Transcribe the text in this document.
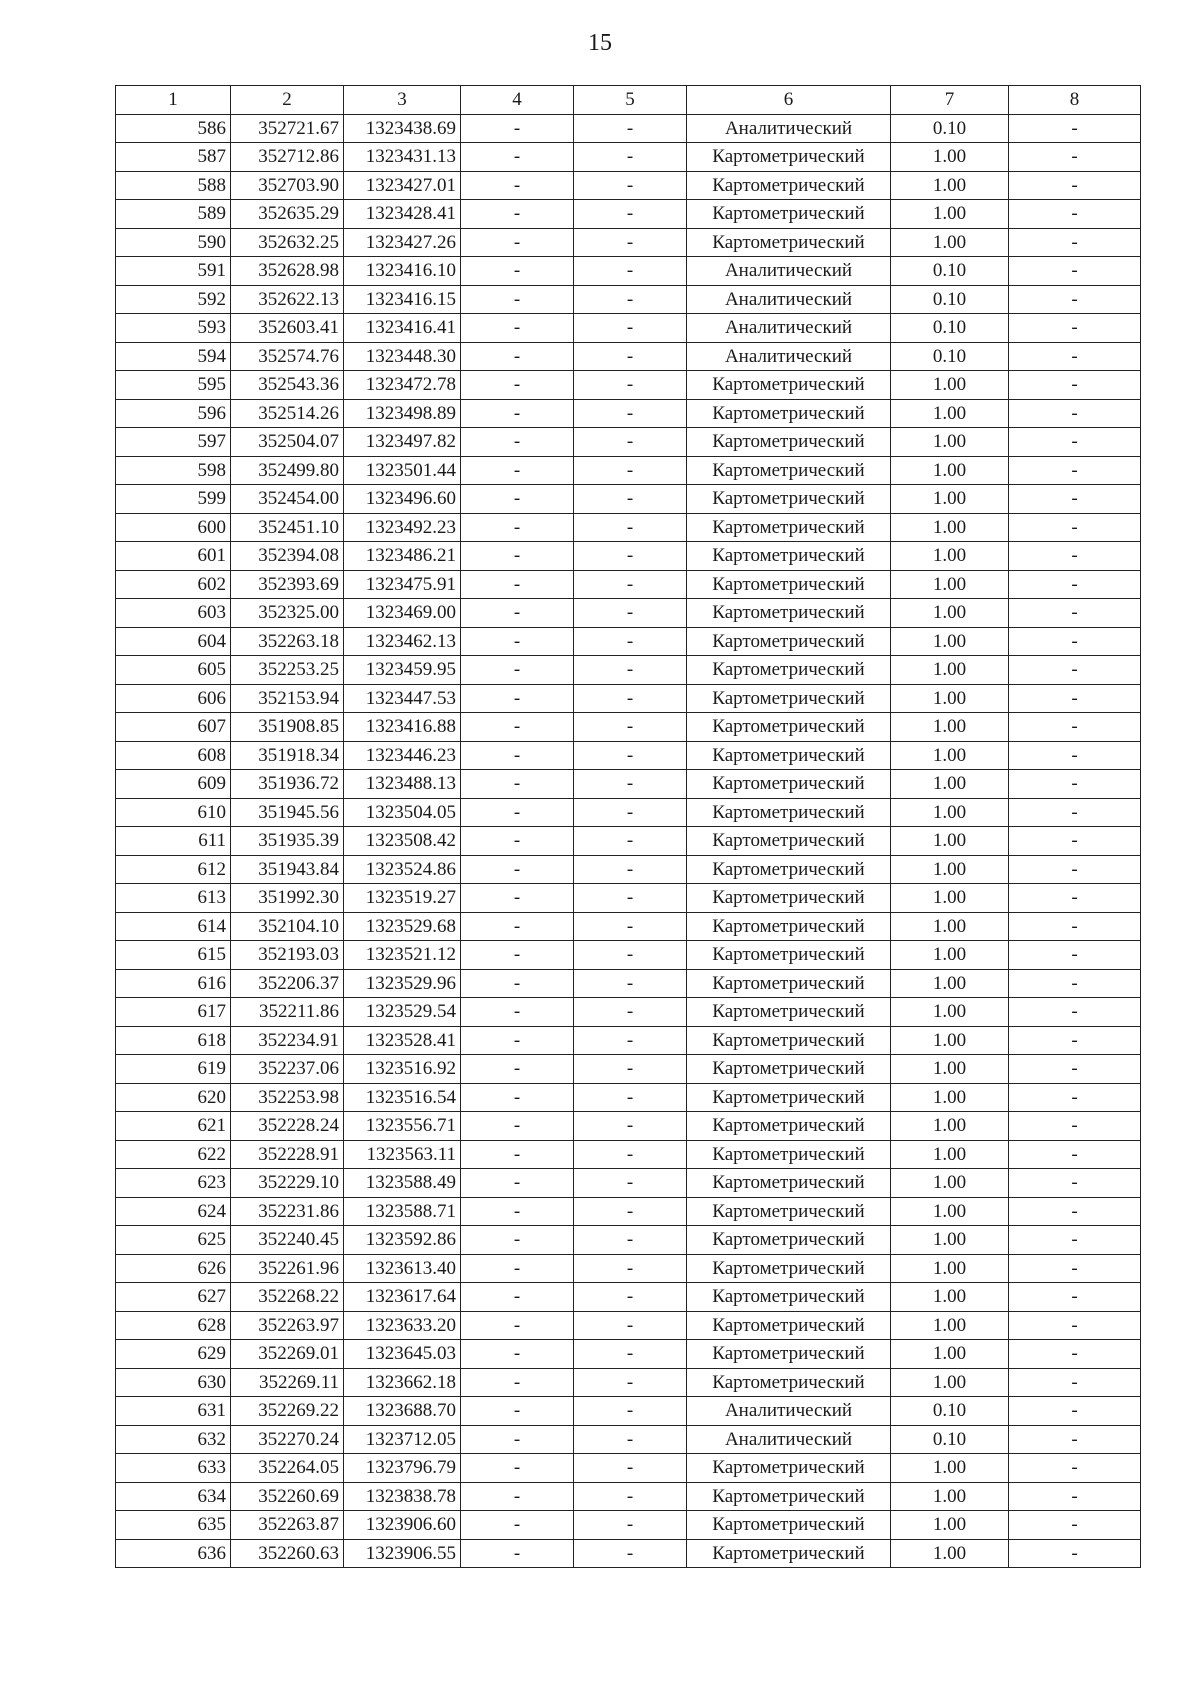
15
1	2	3	4	5	6	7	8
586	352721.67	1323438.69	-	-	Аналитический	0.10	-
587	352712.86	1323431.13	-	-	Картометрический	1.00	-
588	352703.90	1323427.01	-	-	Картометрический	1.00	-
589	352635.29	1323428.41	-	-	Картометрический	1.00	-
590	352632.25	1323427.26	-	-	Картометрический	1.00	-
591	352628.98	1323416.10	-	-	Аналитический	0.10	-
592	352622.13	1323416.15	-	-	Аналитический	0.10	-
593	352603.41	1323416.41	-	-	Аналитический	0.10	-
594	352574.76	1323448.30	-	-	Аналитический	0.10	-
595	352543.36	1323472.78	-	-	Картометрический	1.00	-
596	352514.26	1323498.89	-	-	Картометрический	1.00	-
597	352504.07	1323497.82	-	-	Картометрический	1.00	-
598	352499.80	1323501.44	-	-	Картометрический	1.00	-
599	352454.00	1323496.60	-	-	Картометрический	1.00	-
600	352451.10	1323492.23	-	-	Картометрический	1.00	-
601	352394.08	1323486.21	-	-	Картометрический	1.00	-
602	352393.69	1323475.91	-	-	Картометрический	1.00	-
603	352325.00	1323469.00	-	-	Картометрический	1.00	-
604	352263.18	1323462.13	-	-	Картометрический	1.00	-
605	352253.25	1323459.95	-	-	Картометрический	1.00	-
606	352153.94	1323447.53	-	-	Картометрический	1.00	-
607	351908.85	1323416.88	-	-	Картометрический	1.00	-
608	351918.34	1323446.23	-	-	Картометрический	1.00	-
609	351936.72	1323488.13	-	-	Картометрический	1.00	-
610	351945.56	1323504.05	-	-	Картометрический	1.00	-
611	351935.39	1323508.42	-	-	Картометрический	1.00	-
612	351943.84	1323524.86	-	-	Картометрический	1.00	-
613	351992.30	1323519.27	-	-	Картометрический	1.00	-
614	352104.10	1323529.68	-	-	Картометрический	1.00	-
615	352193.03	1323521.12	-	-	Картометрический	1.00	-
616	352206.37	1323529.96	-	-	Картометрический	1.00	-
617	352211.86	1323529.54	-	-	Картометрический	1.00	-
618	352234.91	1323528.41	-	-	Картометрический	1.00	-
619	352237.06	1323516.92	-	-	Картометрический	1.00	-
620	352253.98	1323516.54	-	-	Картометрический	1.00	-
621	352228.24	1323556.71	-	-	Картометрический	1.00	-
622	352228.91	1323563.11	-	-	Картометрический	1.00	-
623	352229.10	1323588.49	-	-	Картометрический	1.00	-
624	352231.86	1323588.71	-	-	Картометрический	1.00	-
625	352240.45	1323592.86	-	-	Картометрический	1.00	-
626	352261.96	1323613.40	-	-	Картометрический	1.00	-
627	352268.22	1323617.64	-	-	Картометрический	1.00	-
628	352263.97	1323633.20	-	-	Картометрический	1.00	-
629	352269.01	1323645.03	-	-	Картометрический	1.00	-
630	352269.11	1323662.18	-	-	Картометрический	1.00	-
631	352269.22	1323688.70	-	-	Аналитический	0.10	-
632	352270.24	1323712.05	-	-	Аналитический	0.10	-
633	352264.05	1323796.79	-	-	Картометрический	1.00	-
634	352260.69	1323838.78	-	-	Картометрический	1.00	-
635	352263.87	1323906.60	-	-	Картометрический	1.00	-
636	352260.63	1323906.55	-	-	Картометрический	1.00	-
